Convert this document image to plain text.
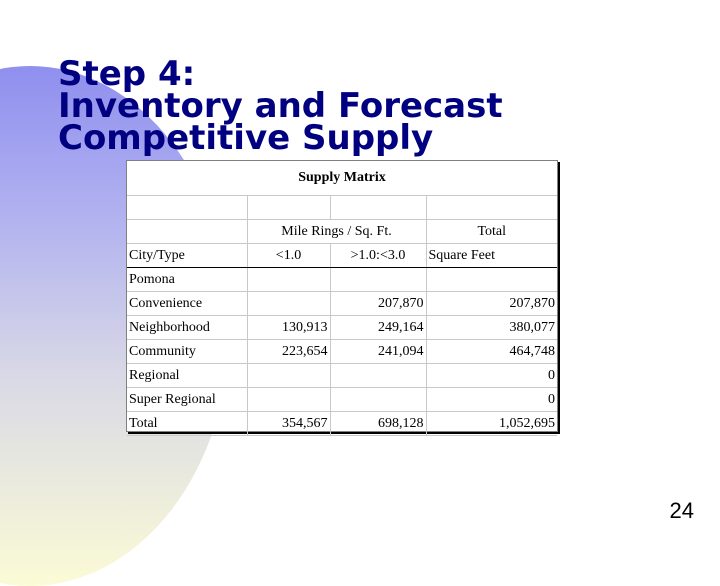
Step 4:
Inventory and Forecast
Competitive Supply
Supply Matrix			

	Mile Rings / Sq. Ft.		Total
City/Type	<1.0	>1.0:<3.0	Square Feet
Pomona			
Convenience		207,870	207,870
Neighborhood	130,913	249,164	380,077
Community	223,654	241,094	464,748
Regional			0
Super Regional			0
Total	354,567	698,128	1,052,695
24
